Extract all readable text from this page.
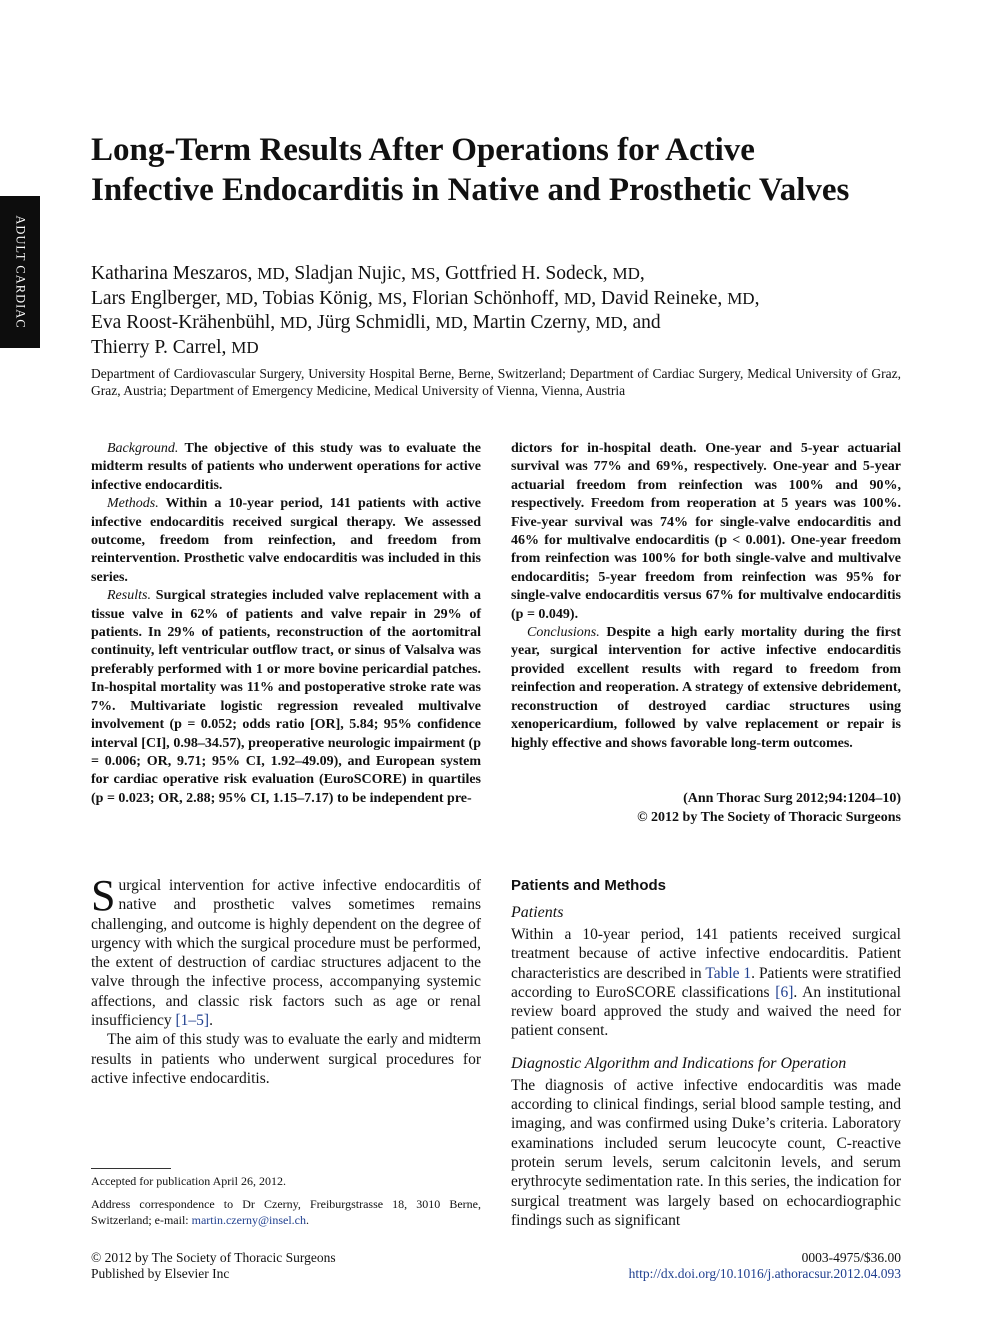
ADULT CARDIAC
Long-Term Results After Operations for Active Infective Endocarditis in Native and Prosthetic Valves
Katharina Meszaros, MD, Sladjan Nujic, MS, Gottfried H. Sodeck, MD,
Lars Englberger, MD, Tobias König, MS, Florian Schönhoff, MD, David Reineke, MD,
Eva Roost-Krähenbühl, MD, Jürg Schmidli, MD, Martin Czerny, MD, and
Thierry P. Carrel, MD
Department of Cardiovascular Surgery, University Hospital Berne, Berne, Switzerland; Department of Cardiac Surgery, Medical University of Graz, Graz, Austria; Department of Emergency Medicine, Medical University of Vienna, Vienna, Austria

Background. The objective of this study was to evaluate the midterm results of patients who underwent operations for active infective endocarditis.

Methods. Within a 10-year period, 141 patients with active infective endocarditis received surgical therapy. We assessed outcome, freedom from reinfection, and freedom from reintervention. Prosthetic valve endocarditis was included in this series.

Results. Surgical strategies included valve replacement with a tissue valve in 62% of patients and valve repair in 29% of patients. In 29% of patients, reconstruction of the aortomitral continuity, left ventricular outflow tract, or sinus of Valsalva was preferably performed with 1 or more bovine pericardial patches. In-hospital mortality was 11% and postoperative stroke rate was 7%. Multivariate logistic regression revealed multivalve involvement (p = 0.052; odds ratio [OR], 5.84; 95% confidence interval [CI], 0.98–34.57), preoperative neurologic impairment (p = 0.006; OR, 9.71; 95% CI, 1.92–49.09), and European system for cardiac operative risk evaluation (EuroSCORE) in quartiles (p = 0.023; OR, 2.88; 95% CI, 1.15–7.17) to be independent pre-

dictors for in-hospital death. One-year and 5-year actuarial survival was 77% and 69%, respectively. One-year and 5-year actuarial freedom from reinfection was 100% and 90%, respectively. Freedom from reoperation at 5 years was 100%. Five-year survival was 74% for single-valve endocarditis and 46% for multivalve endocarditis (p < 0.001). One-year freedom from reinfection was 100% for both single-valve and multivalve endocarditis; 5-year freedom from reinfection was 95% for single-valve endocarditis versus 67% for multivalve endocarditis (p = 0.049).

Conclusions. Despite a high early mortality during the first year, surgical intervention for active infective endocarditis provided excellent results with regard to freedom from reinfection and reoperation. A strategy of extensive debridement, reconstruction of destroyed cardiac structures using xenopericardium, followed by valve replacement or repair is highly effective and shows favorable long-term outcomes.

(Ann Thorac Surg 2012;94:1204–10)
© 2012 by The Society of Thoracic Surgeons

Surgical intervention for active infective endocarditis of native and prosthetic valves sometimes remains challenging, and outcome is highly dependent on the degree of urgency with which the surgical procedure must be performed, the extent of destruction of cardiac structures adjacent to the valve through the infective process, accompanying systemic affections, and classic risk factors such as age or renal insufficiency [1–5].

The aim of this study was to evaluate the early and midterm results in patients who underwent surgical procedures for active infective endocarditis.

Patients and Methods
Patients

Within a 10-year period, 141 patients received surgical treatment because of active infective endocarditis. Patient characteristics are described in Table 1. Patients were stratified according to EuroSCORE classifications [6]. An institutional review board approved the study and waived the need for patient consent.

Diagnostic Algorithm and Indications for Operation

The diagnosis of active infective endocarditis was made according to clinical findings, serial blood sample testing, and imaging, and was confirmed using Duke’s criteria. Laboratory examinations included serum leucocyte count, C-reactive protein serum levels, serum calcitonin levels, and serum erythrocyte sedimentation rate. In this series, the indication for surgical treatment was largely based on echocardiographic findings such as significant

Accepted for publication April 26, 2012.
Address correspondence to Dr Czerny, Freiburgstrasse 18, 3010 Berne, Switzerland; e-mail: martin.czerny@insel.ch.
© 2012 by The Society of Thoracic Surgeons
Published by Elsevier Inc
0003-4975/$36.00
http://dx.doi.org/10.1016/j.athoracsur.2012.04.093
